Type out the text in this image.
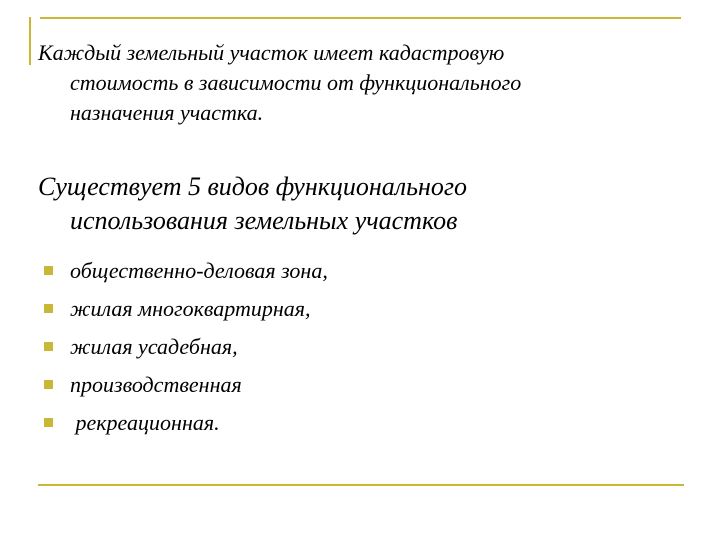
Каждый земельный участок имеет кадастровую
стоимость в зависимости от функционального
назначения участка.

Существует 5 видов функционального
использования земельных участков

общественно-деловая зона,
жилая многоквартирная,
жилая усадебная,
производственная
рекреационная.
